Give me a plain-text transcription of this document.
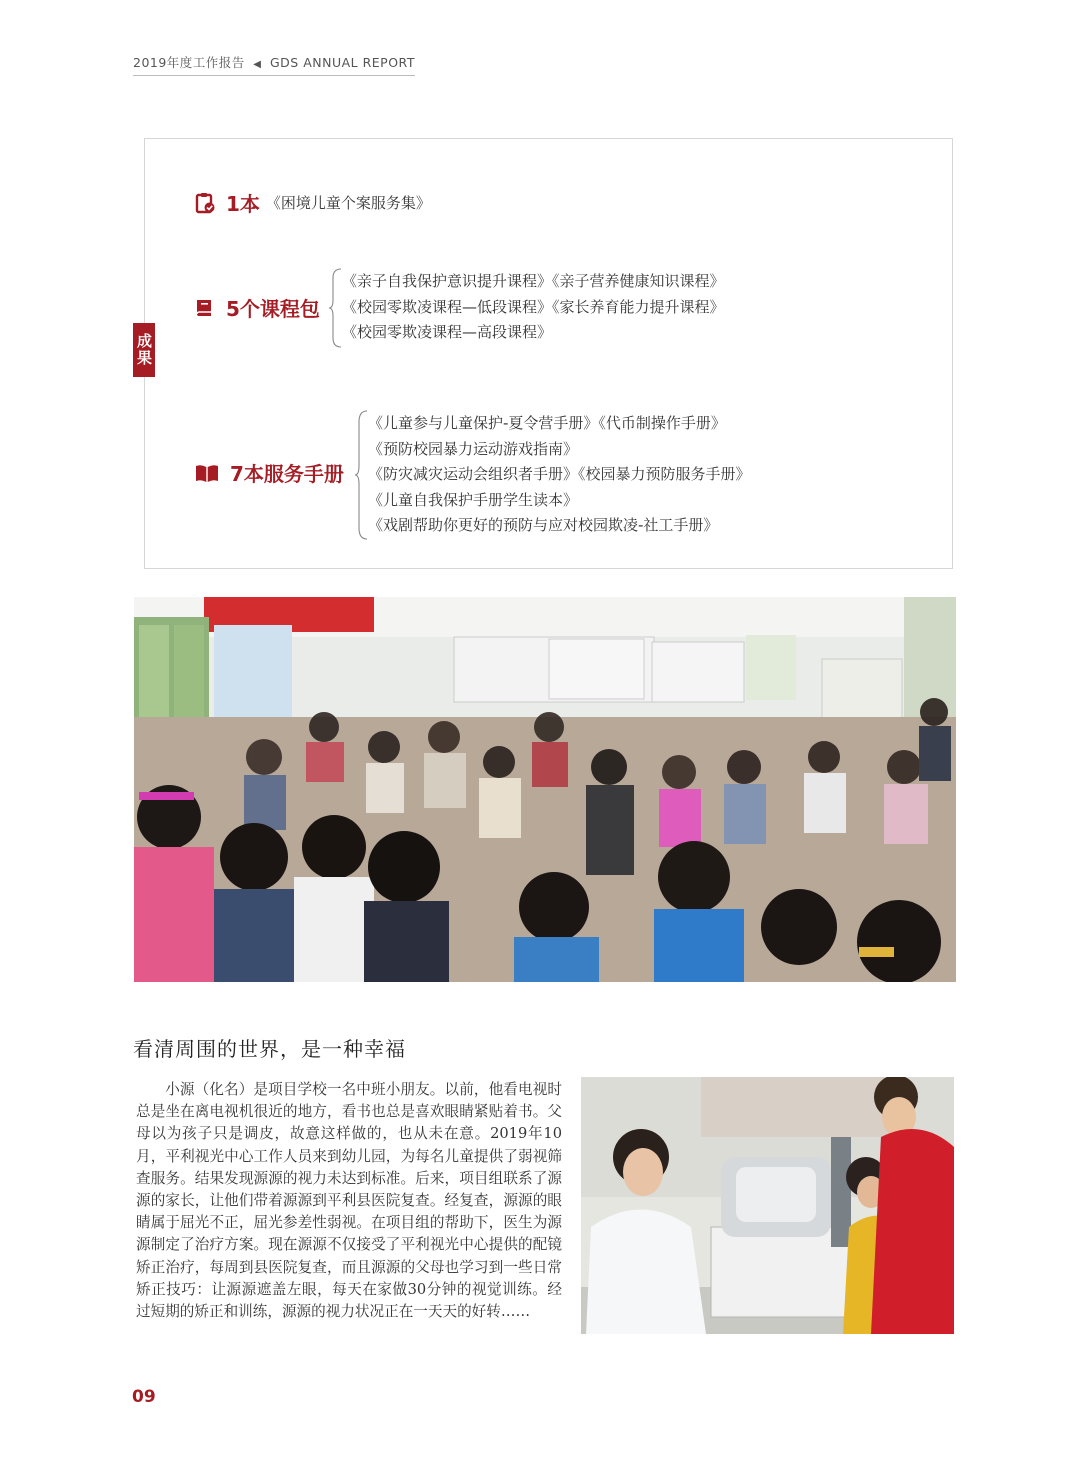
2019年度工作报告 ◀ GDS ANNUAL REPORT
成果
1本 《困境儿童个案服务集》
5个课程包
《亲子自我保护意识提升课程》《亲子营养健康知识课程》
《校园零欺凌课程—低段课程》《家长养育能力提升课程》
《校园零欺凌课程—高段课程》
7本服务手册
《儿童参与儿童保护-夏令营手册》《代币制操作手册》
《预防校园暴力运动游戏指南》
《防灾减灾运动会组织者手册》《校园暴力预防服务手册》
《儿童自我保护手册学生读本》
《戏剧帮助你更好的预防与应对校园欺凌-社工手册》
看清周围的世界，是一种幸福

小源（化名）是项目学校一名中班小朋友。以前，他看电视时总是坐在离电视机很近的地方，看书也总是喜欢眼睛紧贴着书。父母以为孩子只是调皮，故意这样做的，也从未在意。2019年10月，平利视光中心工作人员来到幼儿园，为每名儿童提供了弱视筛查服务。结果发现源源的视力未达到标准。后来，项目组联系了源源的家长，让他们带着源源到平利县医院复查。经复查，源源的眼睛属于屈光不正，屈光参差性弱视。在项目组的帮助下，医生为源源制定了治疗方案。现在源源不仅接受了平利视光中心提供的配镜矫正治疗，每周到县医院复查，而且源源的父母也学习到一些日常矫正技巧：让源源遮盖左眼，每天在家做30分钟的视觉训练。经过短期的矫正和训练，源源的视力状况正在一天天的好转……

09
